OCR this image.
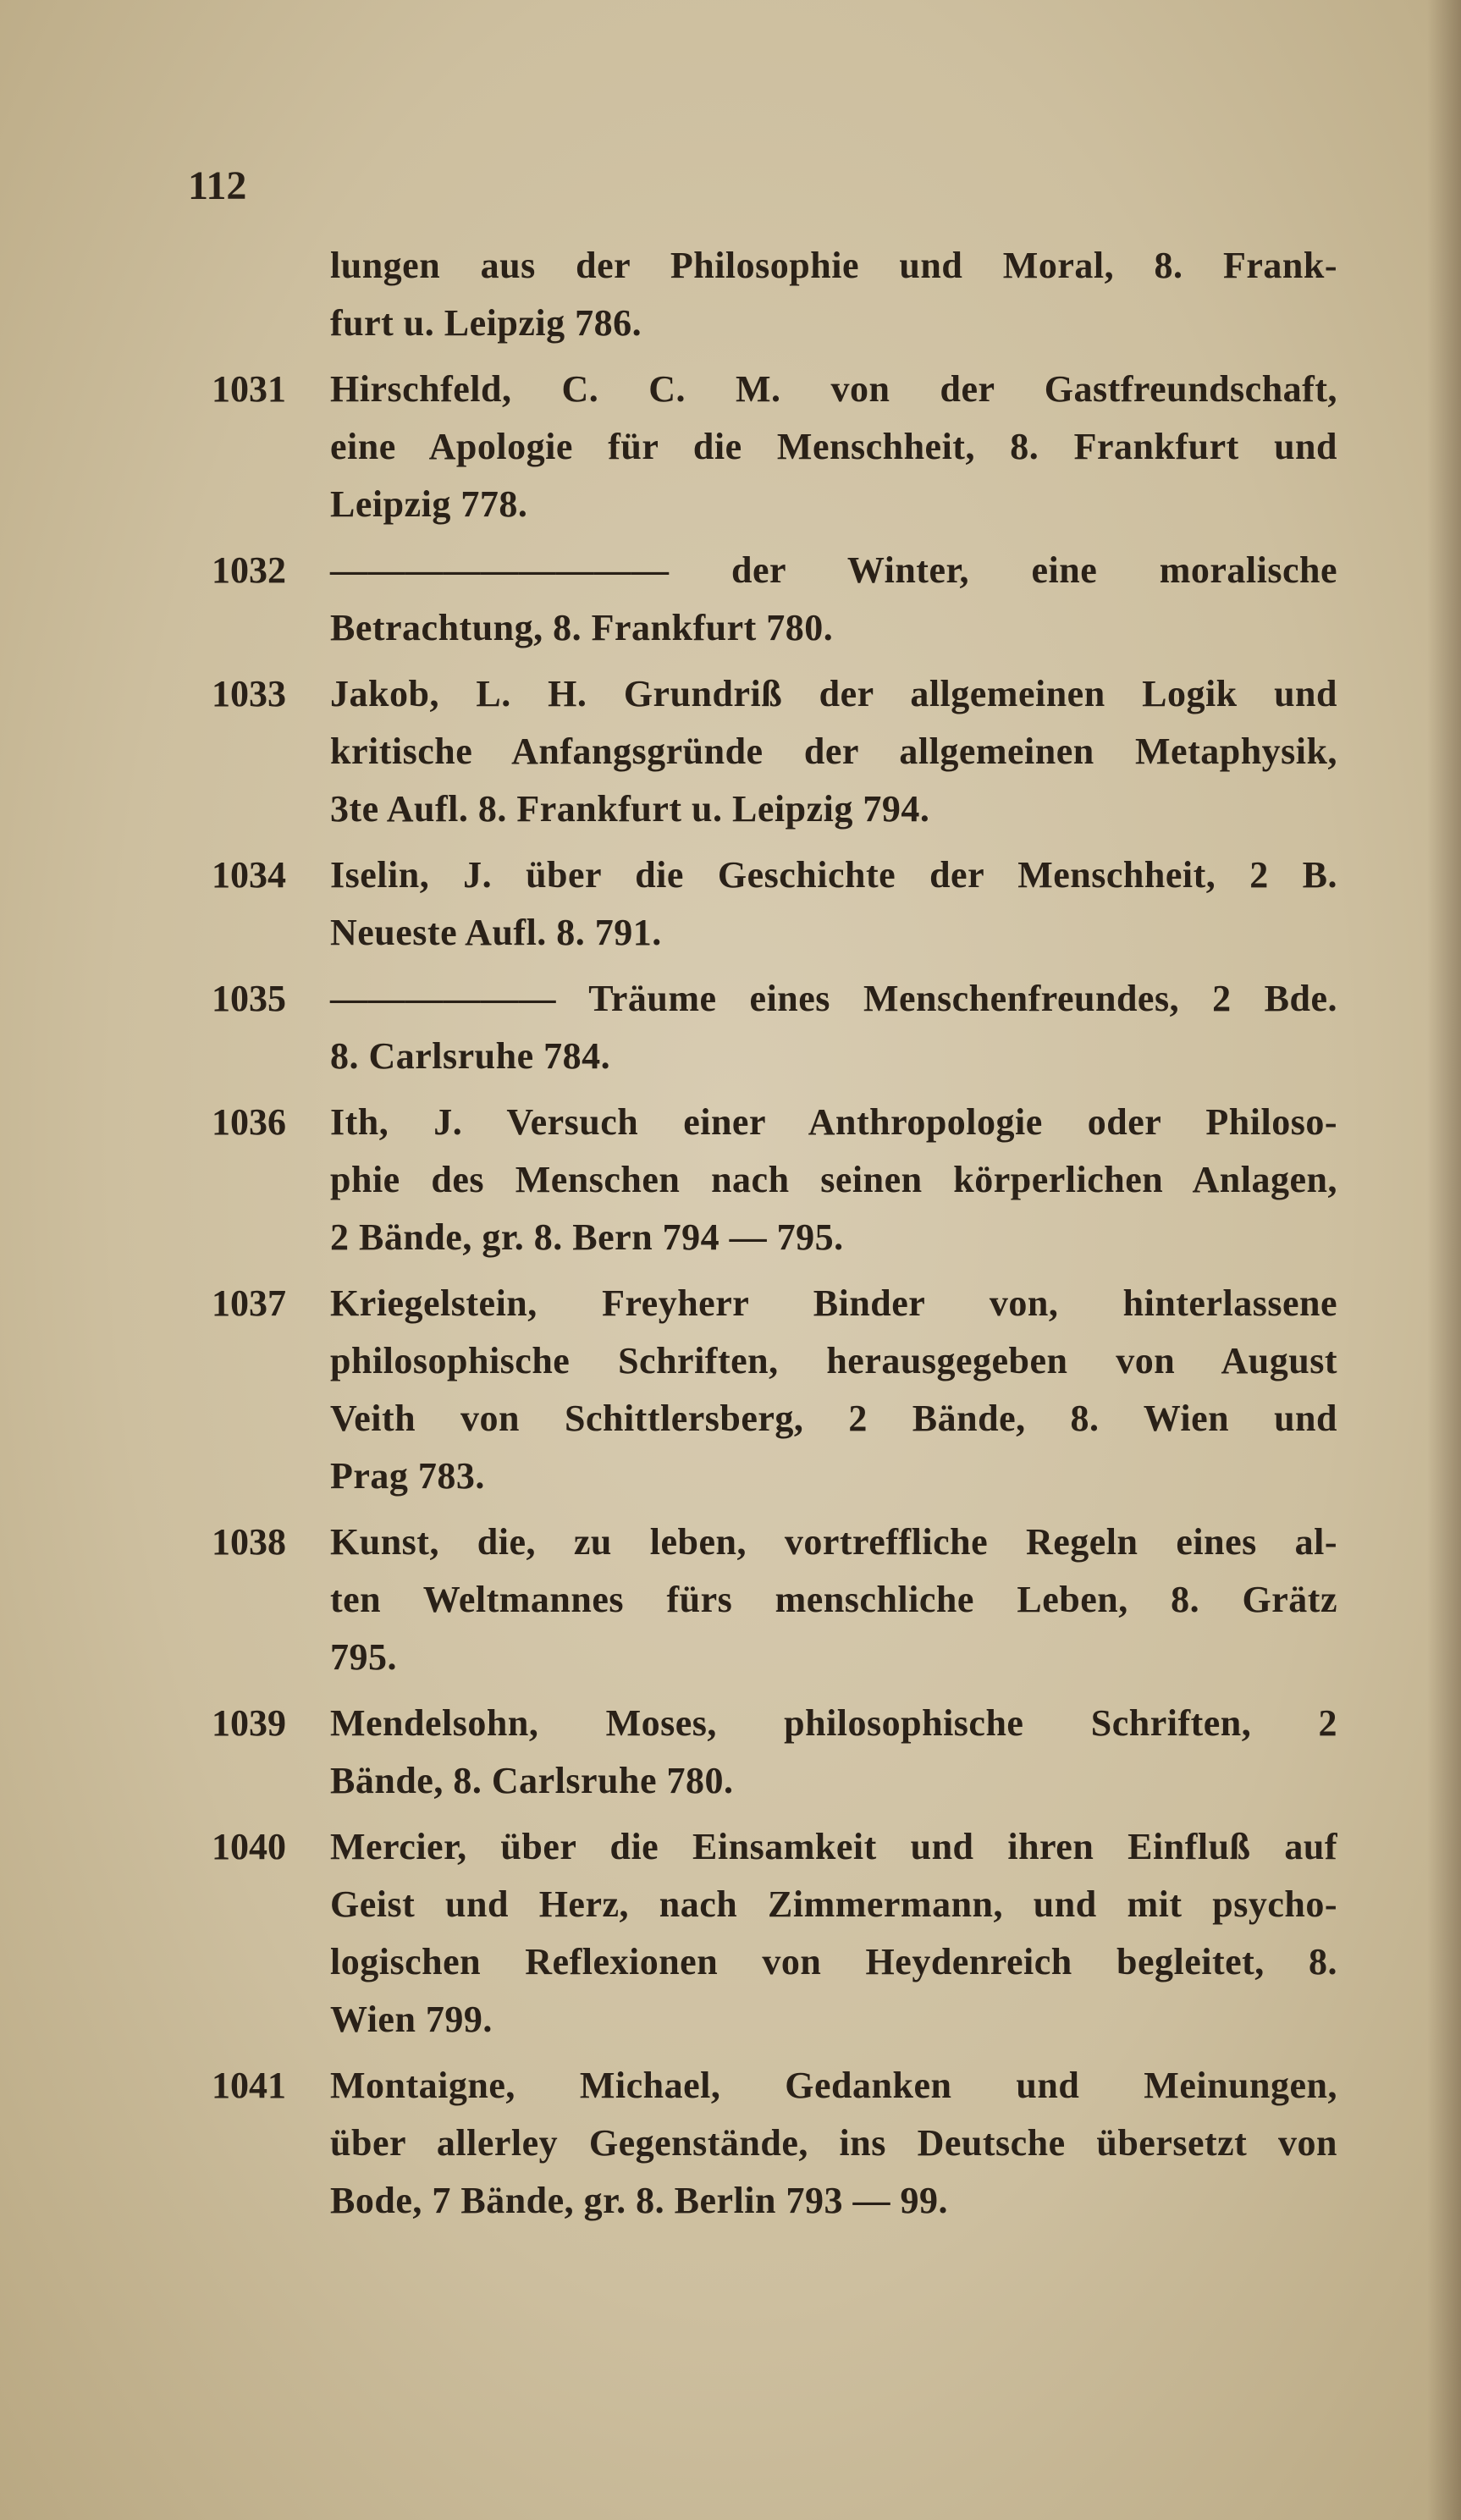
112
lungen aus der Philosophie und Moral, 8. Frank-
furt u. Leipzig 786.
1031	Hirschfeld, C. C. M. von der Gastfreundschaft,
eine Apologie für die Menschheit, 8. Frankfurt und
Leipzig 778.
1032	————————— der Winter, eine moralische
Betrachtung, 8. Frankfurt 780.
1033	Jakob, L. H. Grundriß der allgemeinen Logik und
kritische Anfangsgründe der allgemeinen Metaphysik,
3te Aufl. 8. Frankfurt u. Leipzig 794.
1034	Iselin, J. über die Geschichte der Menschheit, 2 B.
Neueste Aufl. 8. 791.
1035	—————— Träume eines Menschenfreundes, 2 Bde.
8. Carlsruhe 784.
1036	Ith, J. Versuch einer Anthropologie oder Philoso-
phie des Menschen nach seinen körperlichen Anlagen,
2 Bände, gr. 8. Bern 794 — 795.
1037	Kriegelstein, Freyherr Binder von, hinterlassene
philosophische Schriften, herausgegeben von August
Veith von Schittlersberg, 2 Bände, 8. Wien und
Prag 783.
1038	Kunst, die, zu leben, vortreffliche Regeln eines al-
ten Weltmannes fürs menschliche Leben, 8. Grätz
795.
1039	Mendelsohn, Moses, philosophische Schriften, 2
Bände, 8. Carlsruhe 780.
1040	Mercier, über die Einsamkeit und ihren Einfluß auf
Geist und Herz, nach Zimmermann, und mit psycho-
logischen Reflexionen von Heydenreich begleitet, 8.
Wien 799.
1041	Montaigne, Michael, Gedanken und Meinungen,
über allerley Gegenstände, ins Deutsche übersetzt von
Bode, 7 Bände, gr. 8. Berlin 793 — 99.
